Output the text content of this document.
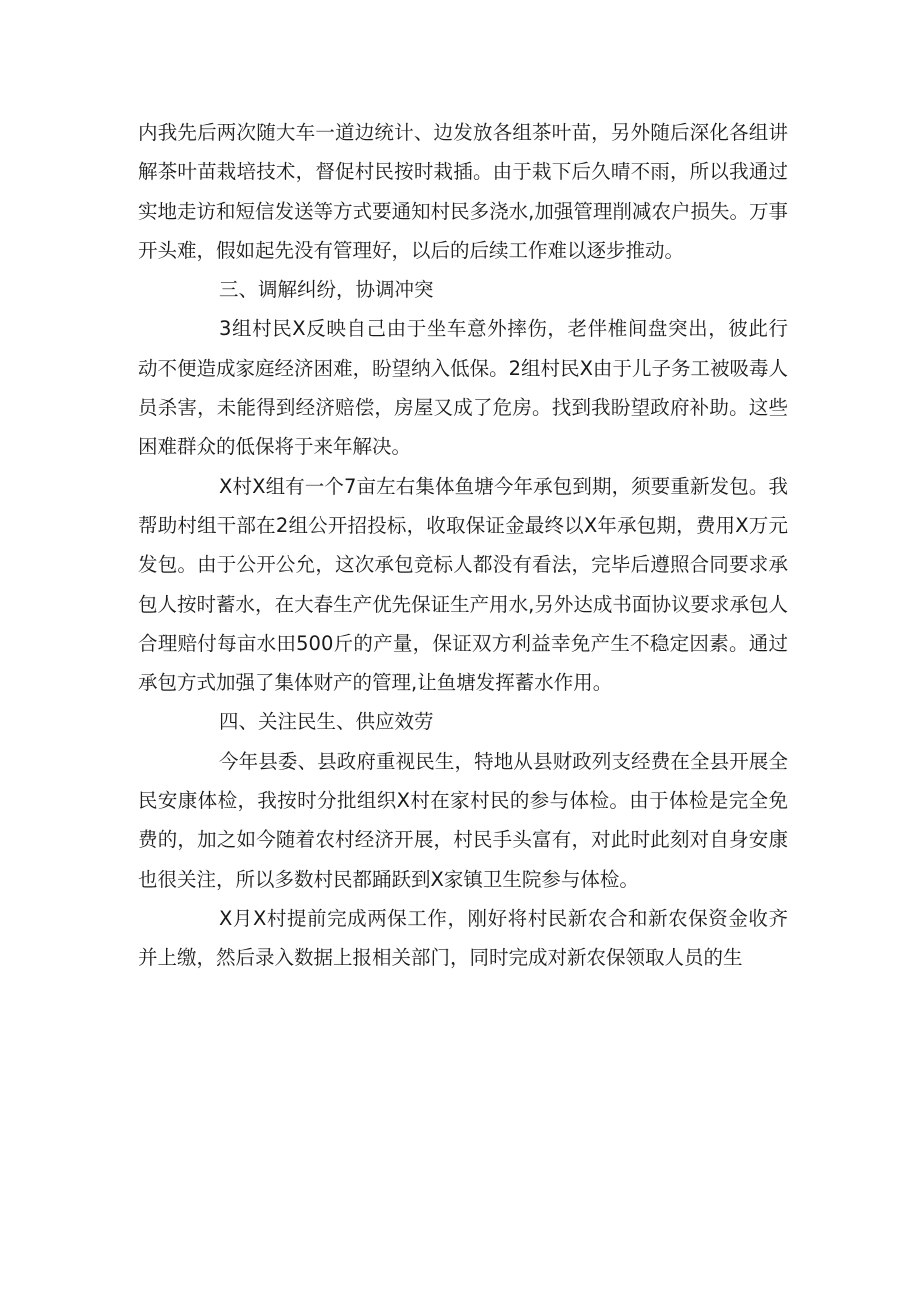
内我先后两次随大车一道边统计、边发放各组茶叶苗，另外随后深化各组讲解茶叶苗栽培技术，督促村民按时栽插。由于栽下后久晴不雨，所以我通过实地走访和短信发送等方式要通知村民多浇水,加强管理削减农户损失。万事开头难，假如起先没有管理好，以后的后续工作难以逐步推动。

三、调解纠纷，协调冲突

3组村民X反映自己由于坐车意外摔伤，老伴椎间盘突出，彼此行动不便造成家庭经济困难，盼望纳入低保。2组村民X由于儿子务工被吸毒人员杀害，未能得到经济赔偿，房屋又成了危房。找到我盼望政府补助。这些困难群众的低保将于来年解决。

X村X组有一个7亩左右集体鱼塘今年承包到期，须要重新发包。我帮助村组干部在2组公开招投标，收取保证金最终以X年承包期，费用X万元发包。由于公开公允，这次承包竞标人都没有看法，完毕后遵照合同要求承包人按时蓄水，在大春生产优先保证生产用水,另外达成书面协议要求承包人合理赔付每亩水田500斤的产量，保证双方利益幸免产生不稳定因素。通过承包方式加强了集体财产的管理,让鱼塘发挥蓄水作用。

四、关注民生、供应效劳

今年县委、县政府重视民生，特地从县财政列支经费在全县开展全民安康体检，我按时分批组织X村在家村民的参与体检。由于体检是完全免费的，加之如今随着农村经济开展，村民手头富有，对此时此刻对自身安康也很关注，所以多数村民都踊跃到X家镇卫生院参与体检。

X月X村提前完成两保工作，刚好将村民新农合和新农保资金收齐并上缴，然后录入数据上报相关部门，同时完成对新农保领取人员的生
